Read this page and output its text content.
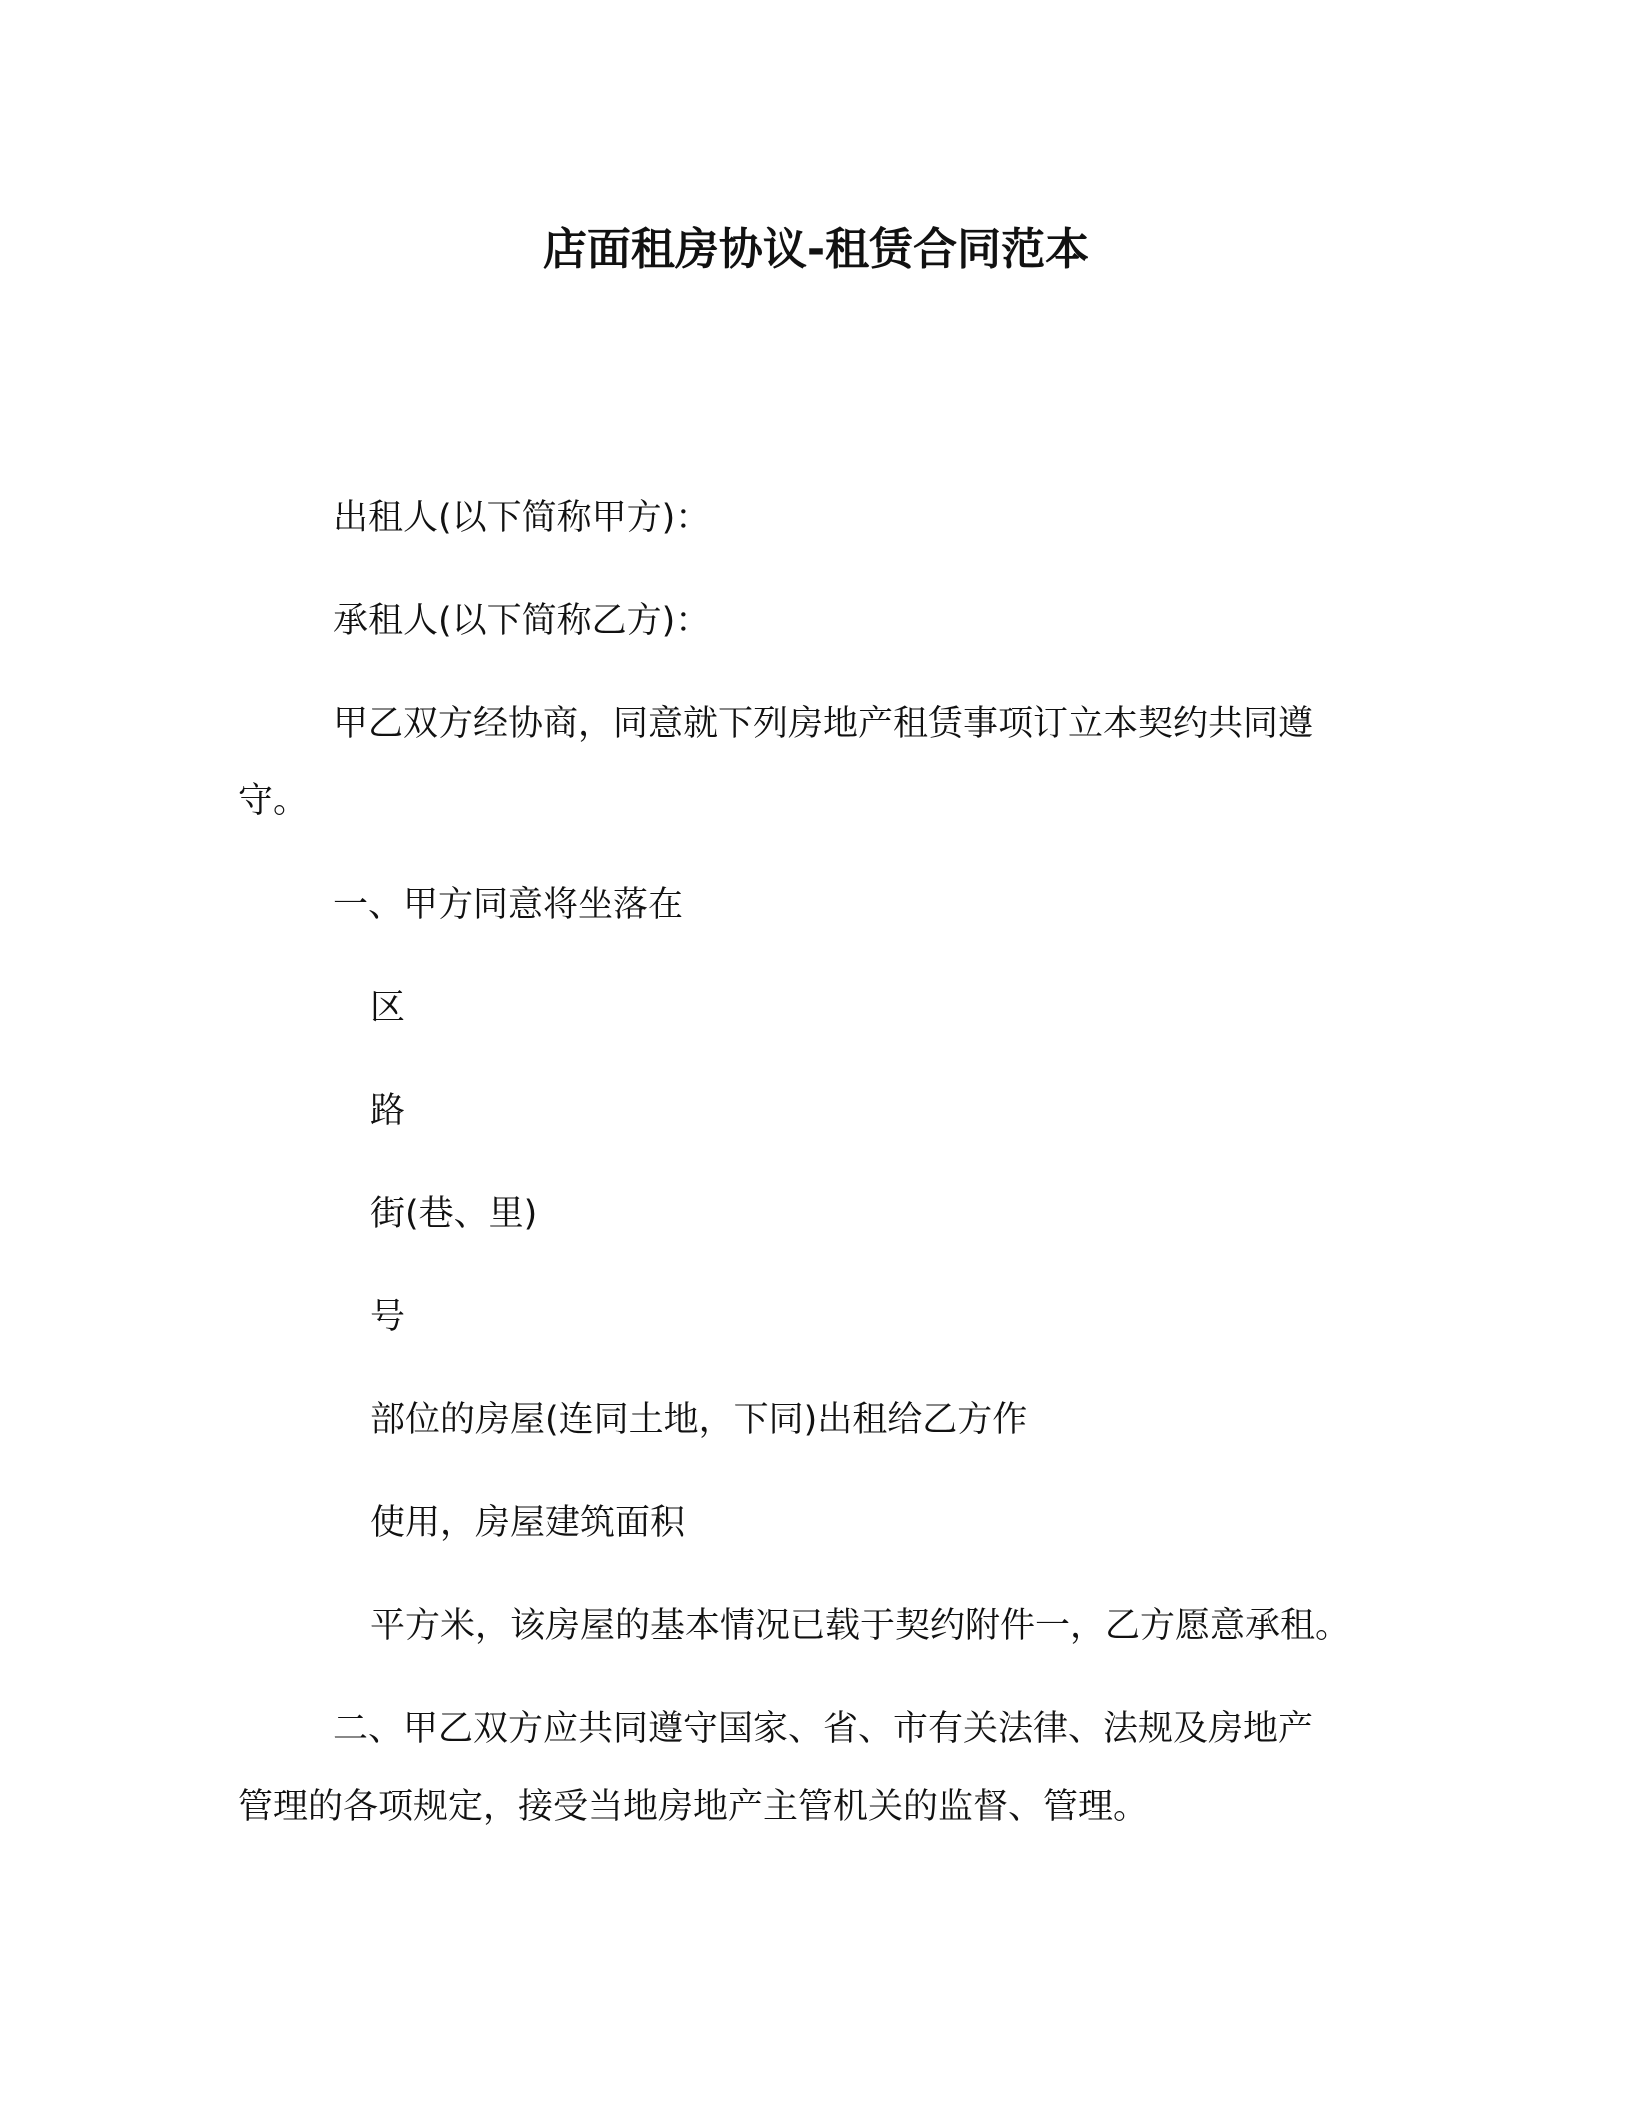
店面租房协议-租赁合同范本
出租人(以下简称甲方)：
承租人(以下简称乙方)：
甲乙双方经协商，同意就下列房地产租赁事项订立本契约共同遵
守。
一、甲方同意将坐落在
区
路
街(巷、里)
号
部位的房屋(连同土地，下同)出租给乙方作
使用，房屋建筑面积
平方米，该房屋的基本情况已载于契约附件一，乙方愿意承租。
二、甲乙双方应共同遵守国家、省、市有关法律、法规及房地产
管理的各项规定，接受当地房地产主管机关的监督、管理。
